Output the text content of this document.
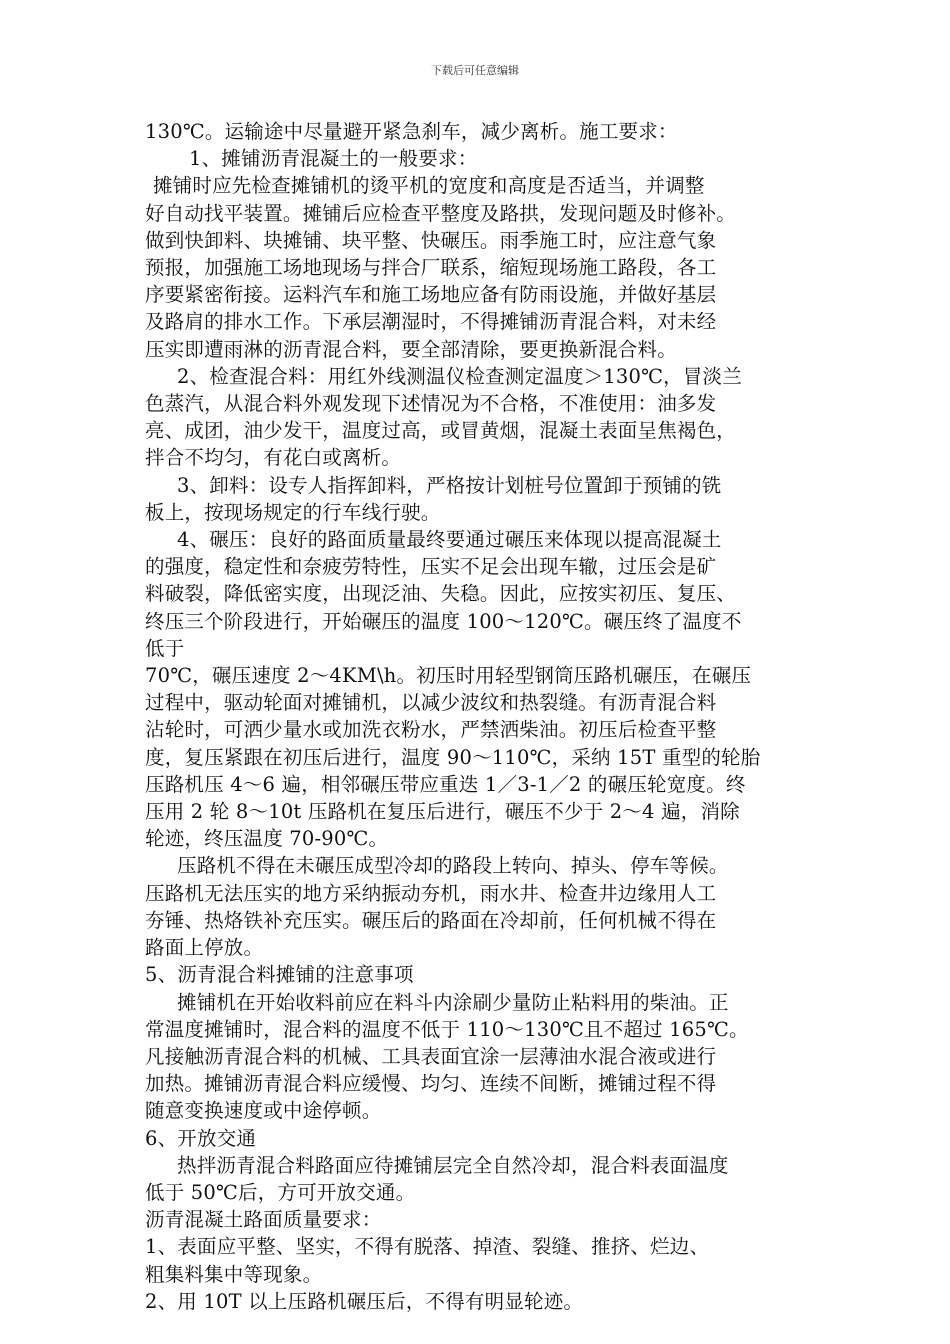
下载后可任意编辑

130℃。运输途中尽量避开紧急刹车，减少离析。施工要求：

1、摊铺沥青混凝土的一般要求：

摊铺时应先检查摊铺机的烫平机的宽度和高度是否适当，并调整

好自动找平装置。摊铺后应检查平整度及路拱，发现问题及时修补。

做到快卸料、块摊铺、块平整、快碾压。雨季施工时，应注意气象

预报，加强施工场地现场与拌合厂联系，缩短现场施工路段，各工

序要紧密衔接。运料汽车和施工场地应备有防雨设施，并做好基层

及路肩的排水工作。下承层潮湿时，不得摊铺沥青混合料，对未经

压实即遭雨淋的沥青混合料，要全部清除，要更换新混合料。

2、检查混合料：用红外线测温仪检查测定温度＞130℃，冒淡兰

色蒸汽，从混合料外观发现下述情况为不合格，不准使用：油多发

亮、成团，油少发干，温度过高，或冒黄烟，混凝土表面呈焦褐色，

拌合不均匀，有花白或离析。

3、卸料：设专人指挥卸料，严格按计划桩号位置卸于预铺的铣

板上，按现场规定的行车线行驶。

4、碾压：良好的路面质量最终要通过碾压来体现以提高混凝土

的强度，稳定性和奈疲劳特性，压实不足会出现车辙，过压会是矿

料破裂，降低密实度，出现泛油、失稳。因此，应按实初压、复压、

终压三个阶段进行，开始碾压的温度 100～120℃。碾压终了温度不

低于

70℃，碾压速度 2～4KM\h。初压时用轻型钢筒压路机碾压，在碾压

过程中，驱动轮面对摊铺机，以减少波纹和热裂缝。有沥青混合料

沾轮时，可洒少量水或加洗衣粉水，严禁洒柴油。初压后检查平整

度，复压紧跟在初压后进行，温度 90～110℃，采纳 15T 重型的轮胎

压路机压 4～6 遍，相邻碾压带应重迭 1／3-1／2 的碾压轮宽度。终

压用 2 轮 8～10t 压路机在复压后进行，碾压不少于 2～4 遍，消除

轮迹，终压温度 70-90℃。

压路机不得在未碾压成型冷却的路段上转向、掉头、停车等候。

压路机无法压实的地方采纳振动夯机，雨水井、检查井边缘用人工

夯锤、热烙铁补充压实。碾压后的路面在冷却前，任何机械不得在

路面上停放。

5、沥青混合料摊铺的注意事项

摊铺机在开始收料前应在料斗内涂刷少量防止粘料用的柴油。正

常温度摊铺时，混合料的温度不低于 110～130℃且不超过 165℃。

凡接触沥青混合料的机械、工具表面宜涂一层薄油水混合液或进行

加热。摊铺沥青混合料应缓慢、均匀、连续不间断，摊铺过程不得

随意变换速度或中途停顿。

6、开放交通

热拌沥青混合料路面应待摊铺层完全自然冷却，混合料表面温度

低于 50℃后，方可开放交通。

沥青混凝土路面质量要求：

1、表面应平整、坚实，不得有脱落、掉渣、裂缝、推挤、烂边、

粗集料集中等现象。

2、用 10T 以上压路机碾压后，不得有明显轮迹。
